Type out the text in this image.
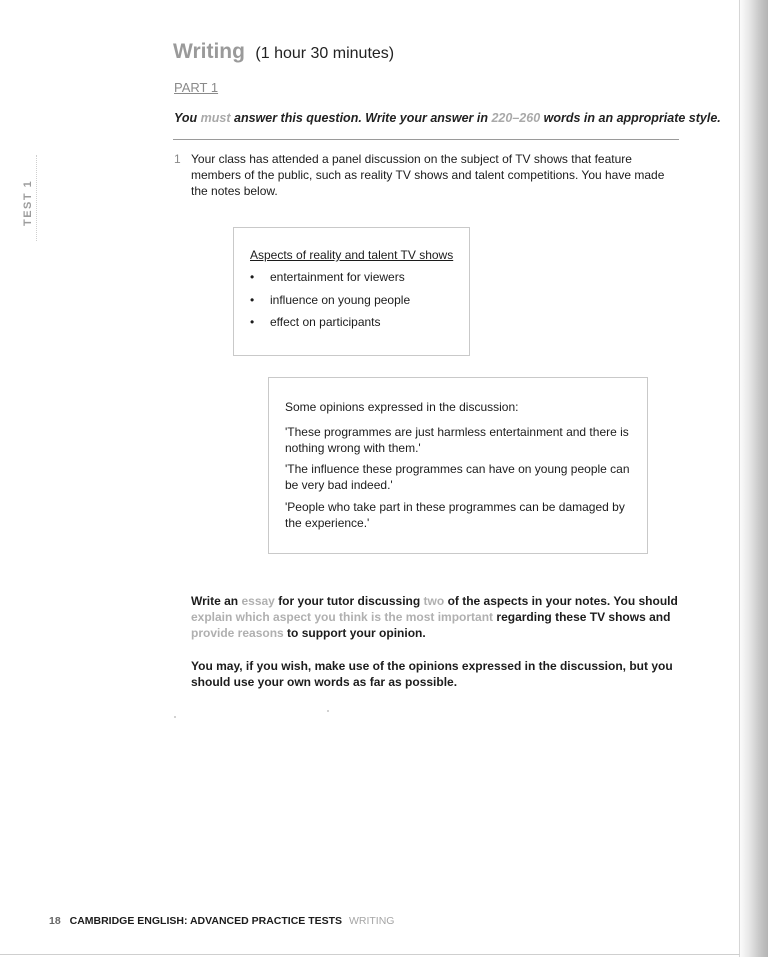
TEST 1
Writing (1 hour 30 minutes)
PART 1
You must answer this question. Write your answer in 220–260 words in an appropriate style.
1 Your class has attended a panel discussion on the subject of TV shows that feature members of the public, such as reality TV shows and talent competitions. You have made the notes below.
Aspects of reality and talent TV shows
•	entertainment for viewers
•	influence on young people
•	effect on participants
Some opinions expressed in the discussion:
'These programmes are just harmless entertainment and there is nothing wrong with them.'
'The influence these programmes can have on young people can be very bad indeed.'
'People who take part in these programmes can be damaged by the experience.'
Write an essay for your tutor discussing two of the aspects in your notes. You should explain which aspect you think is the most important regarding these TV shows and provide reasons to support your opinion.
You may, if you wish, make use of the opinions expressed in the discussion, but you should use your own words as far as possible.
18 CAMBRIDGE ENGLISH: ADVANCED PRACTICE TESTS WRITING
